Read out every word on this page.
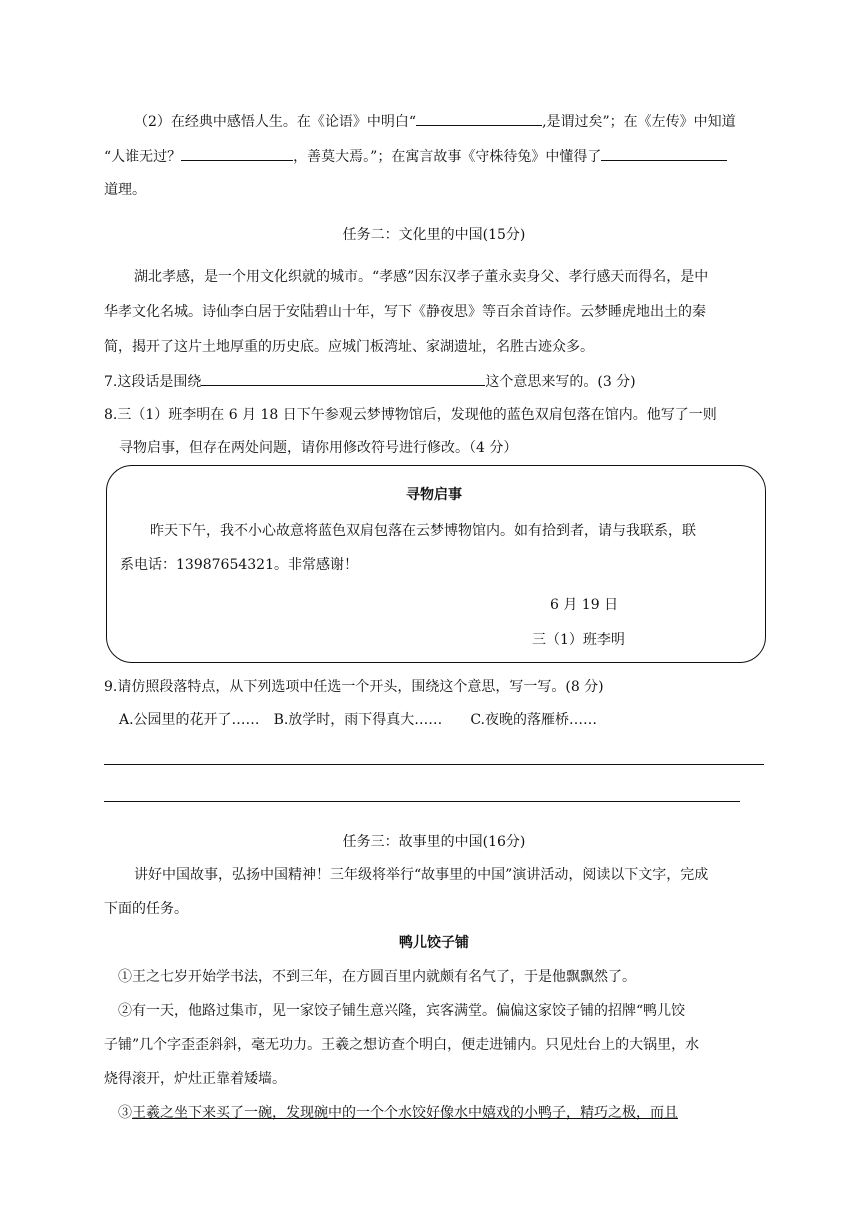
（2）在经典中感悟人生。在《论语》中明白“	,是谓过矣”；在《左传》中知道
“人谁无过？	，善莫大焉。”；在寓言故事《守株待兔》中懂得了
道理。
任务二：文化里的中国(15分)
湖北孝感，是一个用文化织就的城市。“孝感”因东汉孝子董永卖身父、孝行感天而得名，是中
华孝文化名城。诗仙李白居于安陆碧山十年，写下《静夜思》等百余首诗作。云梦睡虎地出土的秦
简，揭开了这片土地厚重的历史底。应城门板湾址、家湖遗址，名胜古迹众多。
7.这段话是围绕	这个意思来写的。(3 分)
8.三（1）班李明在 6 月 18 日下午参观云梦博物馆后，发现他的蓝色双肩包落在馆内。他写了一则
寻物启事，但存在两处问题，请你用修改符号进行修改。（4 分）
寻物启事
昨天下午，我不小心故意将蓝色双肩包落在云梦博物馆内。如有拾到者，请与我联系，联
系电话：13987654321。非常感谢！
6 月 19 日
三（1）班李明
9.请仿照段落特点，从下列选项中任选一个开头，围绕这个意思，写一写。(8 分)
A.公园里的花开了…… B.放学时，雨下得真大…… C.夜晚的落雁桥……
任务三：故事里的中国(16分)
讲好中国故事，弘扬中国精神！三年级将举行“故事里的中国”演讲活动，阅读以下文字，完成
下面的任务。
鸭儿饺子铺
①王之七岁开始学书法，不到三年，在方圆百里内就颇有名气了，于是他飘飘然了。
②有一天，他路过集市，见一家饺子铺生意兴隆，宾客满堂。偏偏这家饺子铺的招牌“鸭儿饺
子铺”几个字歪歪斜斜，毫无功力。王羲之想访查个明白，便走进铺内。只见灶台上的大锅里，水
烧得滚开，炉灶正靠着矮墙。
③王羲之坐下来买了一碗，发现碗中的一个个水饺好像水中嬉戏的小鸭子，精巧之极，而且
